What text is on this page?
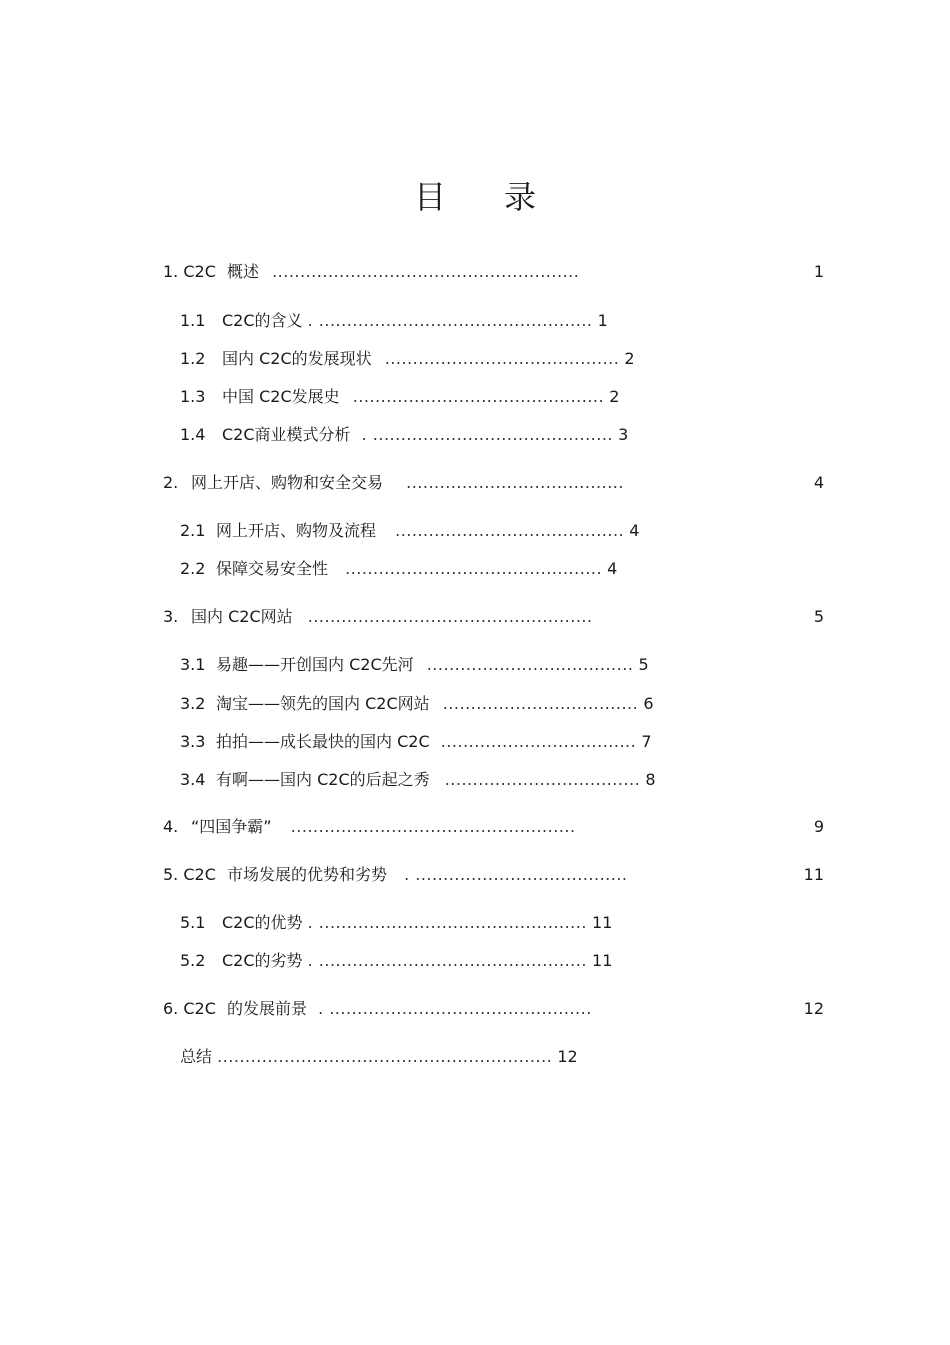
目 录
1. C2C 概述 .......................................................	1
1.1 C2C的含义 . ................................................. 1
1.2 国内 C2C的发展现状 .......................................... 2
1.3 中国 C2C发展史 ............................................. 2
1.4 C2C商业模式分析 . ........................................... 3
2. 网上开店、购物和安全交易 .......................................	4
2.1 网上开店、购物及流程 ......................................... 4
2.2 保障交易安全性 .............................................. 4
3. 国内 C2C网站 ...................................................	5
3.1 易趣——开创国内 C2C先河 ..................................... 5
3.2 淘宝——领先的国内 C2C网站 ................................... 6
3.3 拍拍——成长最快的国内 C2C ................................... 7
3.4 有啊——国内 C2C的后起之秀 ................................... 8
4. “四国争霸” ...................................................	9
5. C2C 市场发展的优势和劣势 . ......................................	11
5.1 C2C的优势 . ................................................ 11
5.2 C2C的劣势 . ................................................ 11
6. C2C 的发展前景 . ...............................................	12
总结 ............................................................ 12
